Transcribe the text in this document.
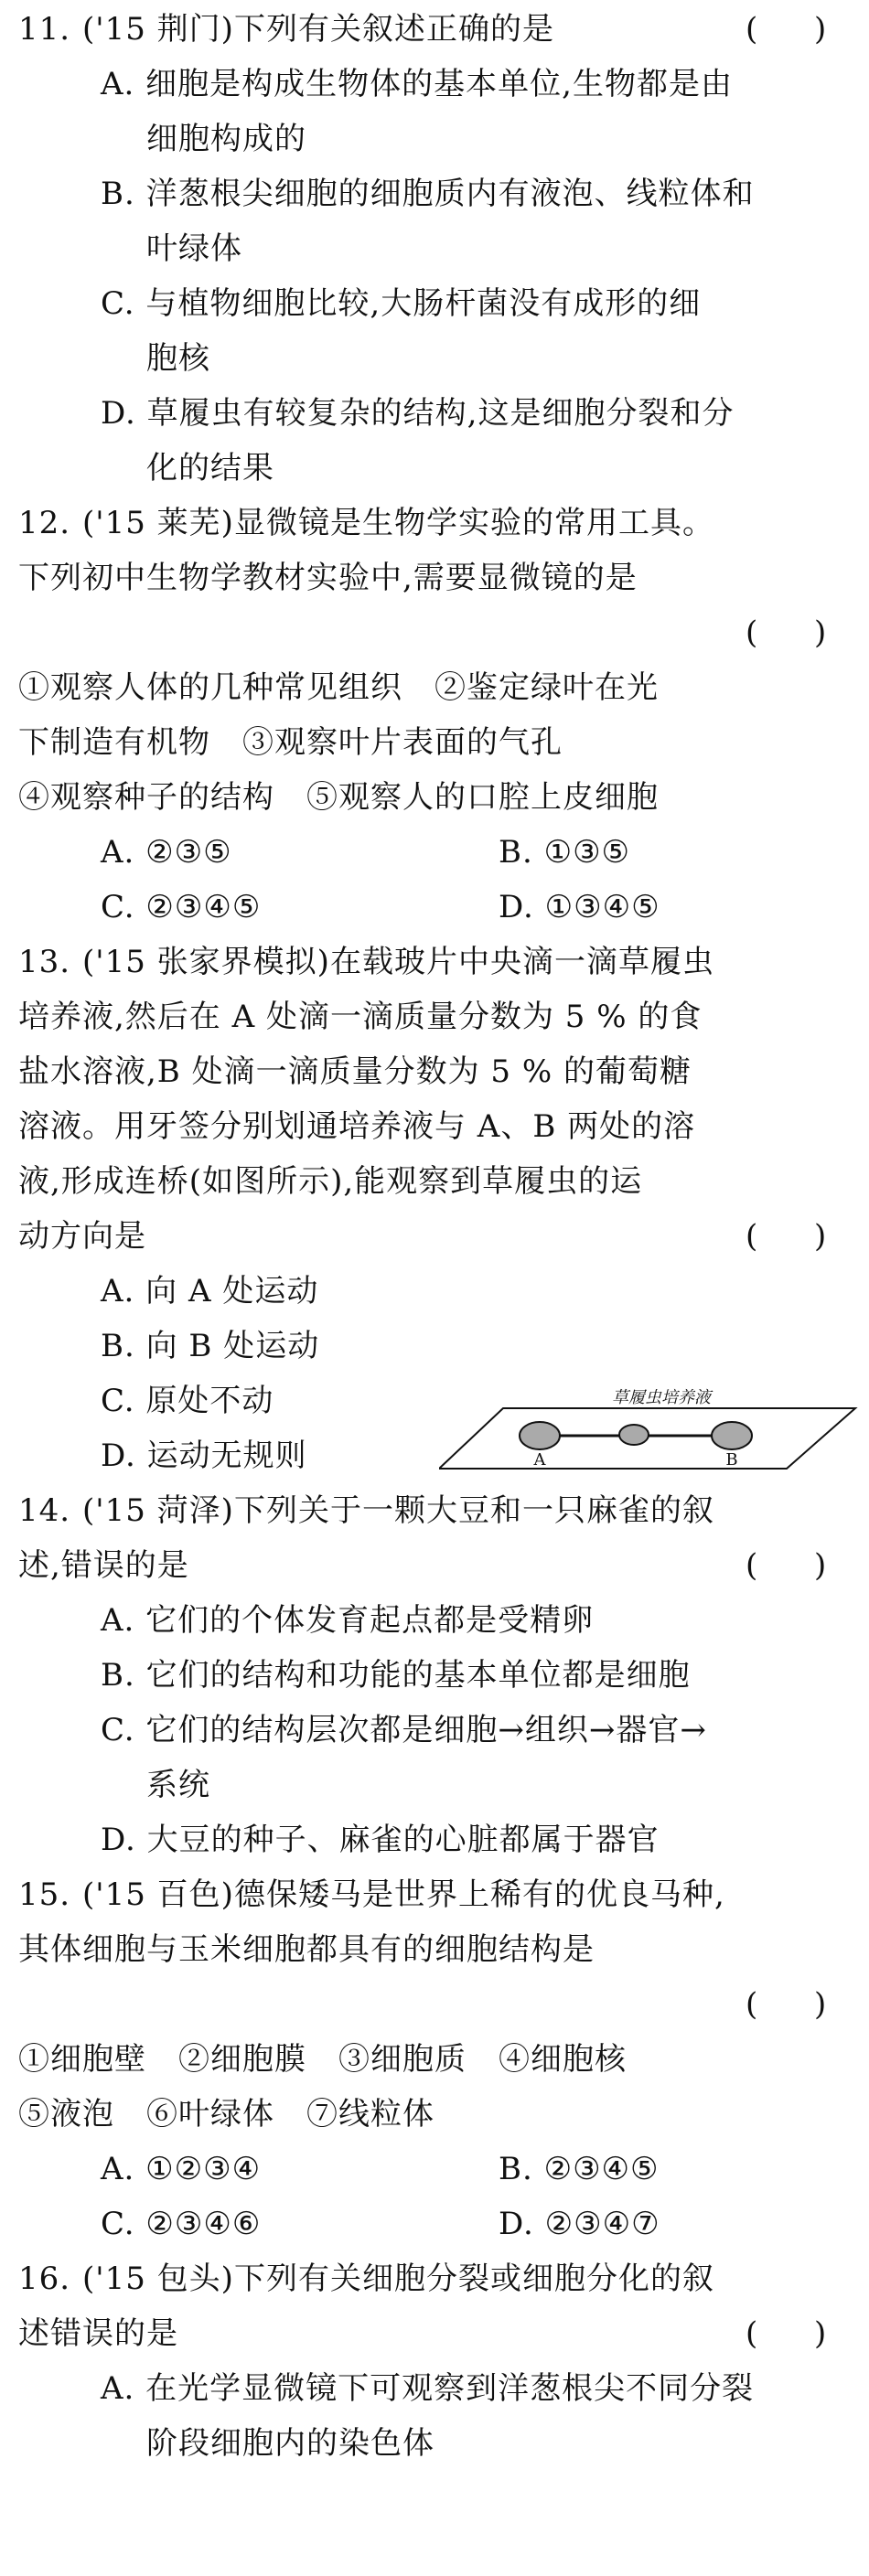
11. ('15 荆门)下列有关叙述正确的是	( )
A. 细胞是构成生物体的基本单位,生物都是由
细胞构成的
B. 洋葱根尖细胞的细胞质内有液泡、线粒体和
叶绿体
C. 与植物细胞比较,大肠杆菌没有成形的细
胞核
D. 草履虫有较复杂的结构,这是细胞分裂和分
化的结果
12. ('15 莱芜)显微镜是生物学实验的常用工具。
下列初中生物学教材实验中,需要显微镜的是
( )
①观察人体的几种常见组织　②鉴定绿叶在光
下制造有机物　③观察叶片表面的气孔
④观察种子的结构　⑤观察人的口腔上皮细胞
A. ②③⑤	B. ①③⑤
C. ②③④⑤	D. ①③④⑤
13. ('15 张家界模拟)在载玻片中央滴一滴草履虫
培养液,然后在 A 处滴一滴质量分数为 5 % 的食
盐水溶液,B 处滴一滴质量分数为 5 % 的葡萄糖
溶液。用牙签分别划通培养液与 A、B 两处的溶
液,形成连桥(如图所示),能观察到草履虫的运
动方向是	( )
A. 向 A 处运动
B. 向 B 处运动
C. 原处不动
D. 运动无规则
草履虫培养液
A	B
14. ('15 菏泽)下列关于一颗大豆和一只麻雀的叙
述,错误的是	( )
A. 它们的个体发育起点都是受精卵
B. 它们的结构和功能的基本单位都是细胞
C. 它们的结构层次都是细胞→组织→器官→
系统
D. 大豆的种子、麻雀的心脏都属于器官
15. ('15 百色)德保矮马是世界上稀有的优良马种,
其体细胞与玉米细胞都具有的细胞结构是
( )
①细胞壁　②细胞膜　③细胞质　④细胞核
⑤液泡　⑥叶绿体　⑦线粒体
A. ①②③④	B. ②③④⑤
C. ②③④⑥	D. ②③④⑦
16. ('15 包头)下列有关细胞分裂或细胞分化的叙
述错误的是	( )
A. 在光学显微镜下可观察到洋葱根尖不同分裂
阶段细胞内的染色体
